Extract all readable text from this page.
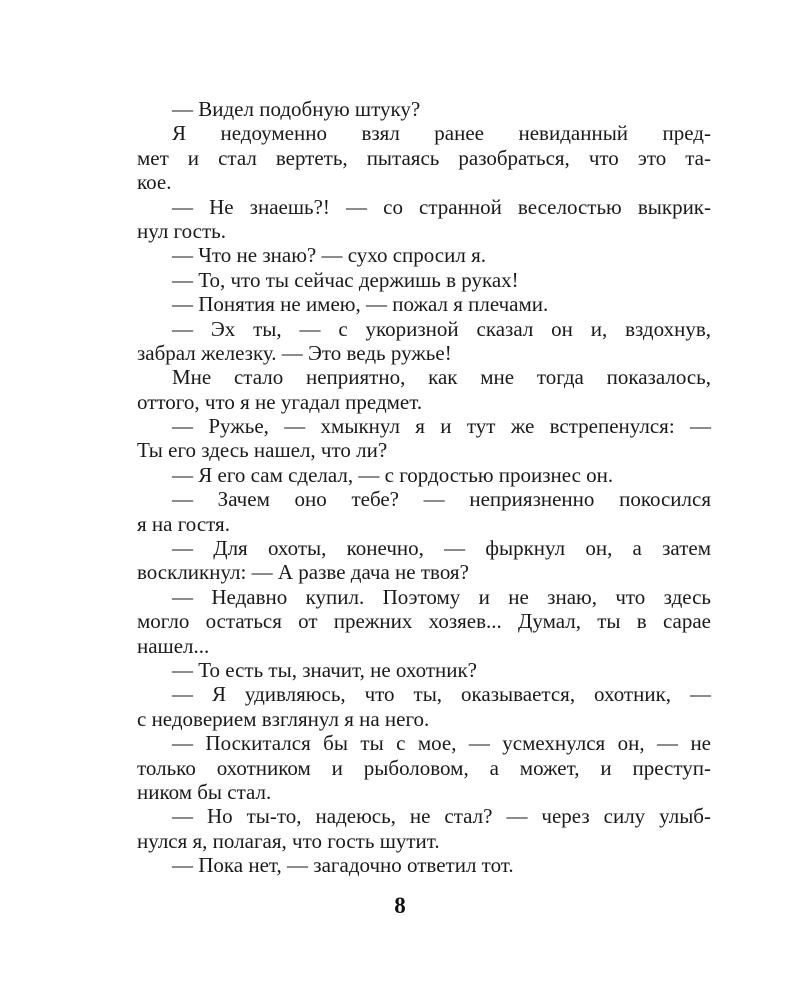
— Видел подобную штуку?
Я недоуменно взял ранее невиданный пред-
мет и стал вертеть, пытаясь разобраться, что это та-
кое.
— Не знаешь?! — со странной веселостью выкрик-
нул гость.
— Что не знаю? — сухо спросил я.
— То, что ты сейчас держишь в руках!
— Понятия не имею, — пожал я плечами.
— Эх ты, — с укоризной сказал он и, вздохнув,
забрал железку. — Это ведь ружье!
Мне стало неприятно, как мне тогда показалось,
оттого, что я не угадал предмет.
— Ружье, — хмыкнул я и тут же встрепенулся: —
Ты его здесь нашел, что ли?
— Я его сам сделал, — с гордостью произнес он.
— Зачем оно тебе? — неприязненно покосился
я на гостя.
— Для охоты, конечно, — фыркнул он, а затем
воскликнул: — А разве дача не твоя?
— Недавно купил. Поэтому и не знаю, что здесь
могло остаться от прежних хозяев... Думал, ты в сарае
нашел...
— То есть ты, значит, не охотник?
— Я удивляюсь, что ты, оказывается, охотник, —
с недоверием взглянул я на него.
— Поскитался бы ты с мое, — усмехнулся он, — не
только охотником и рыболовом, а может, и преступ-
ником бы стал.
— Но ты-то, надеюсь, не стал? — через силу улыб-
нулся я, полагая, что гость шутит.
— Пока нет, — загадочно ответил тот.
8
